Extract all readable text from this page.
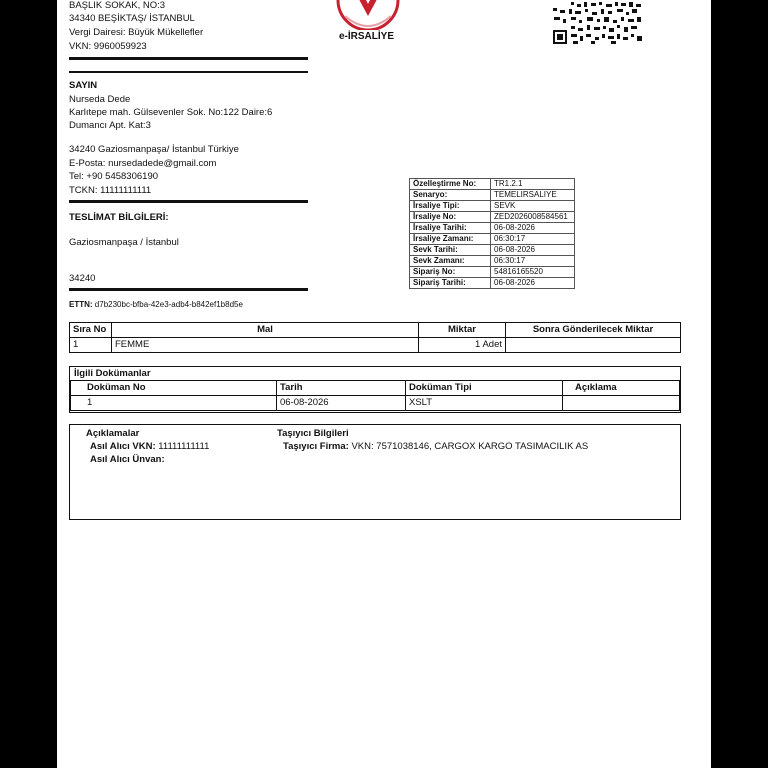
BAŞLIK SOKAK, NO:3
34340 BEŞİKTAŞ/ İSTANBUL
Vergi Dairesi: Büyük Mükellefler
VKN: 9960059923
e-İRSALİYE
SAYIN
Nurseda Dede
Karlıtepe mah. Gülsevenler Sok. No:122 Daire:6
Dumancı Apt. Kat:3
34240 Gaziosmanpaşa/ İstanbul Türkiye
E-Posta: nursedadede@gmail.com
Tel: +90 5458306190
TCKN: 11111111111
TESLİMAT BİLGİLERİ:
Gaziosmanpaşa / İstanbul
34240
ETTN: d7b230bc-bfba-42e3-adb4-b842ef1b8d5e
Özelleştirme No:	TR1.2.1
Senaryo:	TEMELIRSALIYE
İrsaliye Tipi:	SEVK
İrsaliye No:	ZED2026008584561
İrsaliye Tarihi:	06-08-2026
İrsaliye Zamanı:	06:30:17
Sevk Tarihi:	06-08-2026
Sevk Zamanı:	06:30:17
Sipariş No:	54816165520
Sipariş Tarihi:	06-08-2026
Sıra No	Mal	Miktar	Sonra Gönderilecek Miktar
1	FEMME	1 Adet	
İlgili Dokümanlar
Doküman No	Tarih	Doküman Tipi	Açıklama
1	06-08-2026	XSLT	
Açıklamalar
Asıl Alıcı VKN: 11111111111
Asıl Alıcı Ünvan:
Taşıyıcı Bilgileri
Taşıyıcı Firma: VKN: 7571038146, CARGOX KARGO TASIMACILIK AS
